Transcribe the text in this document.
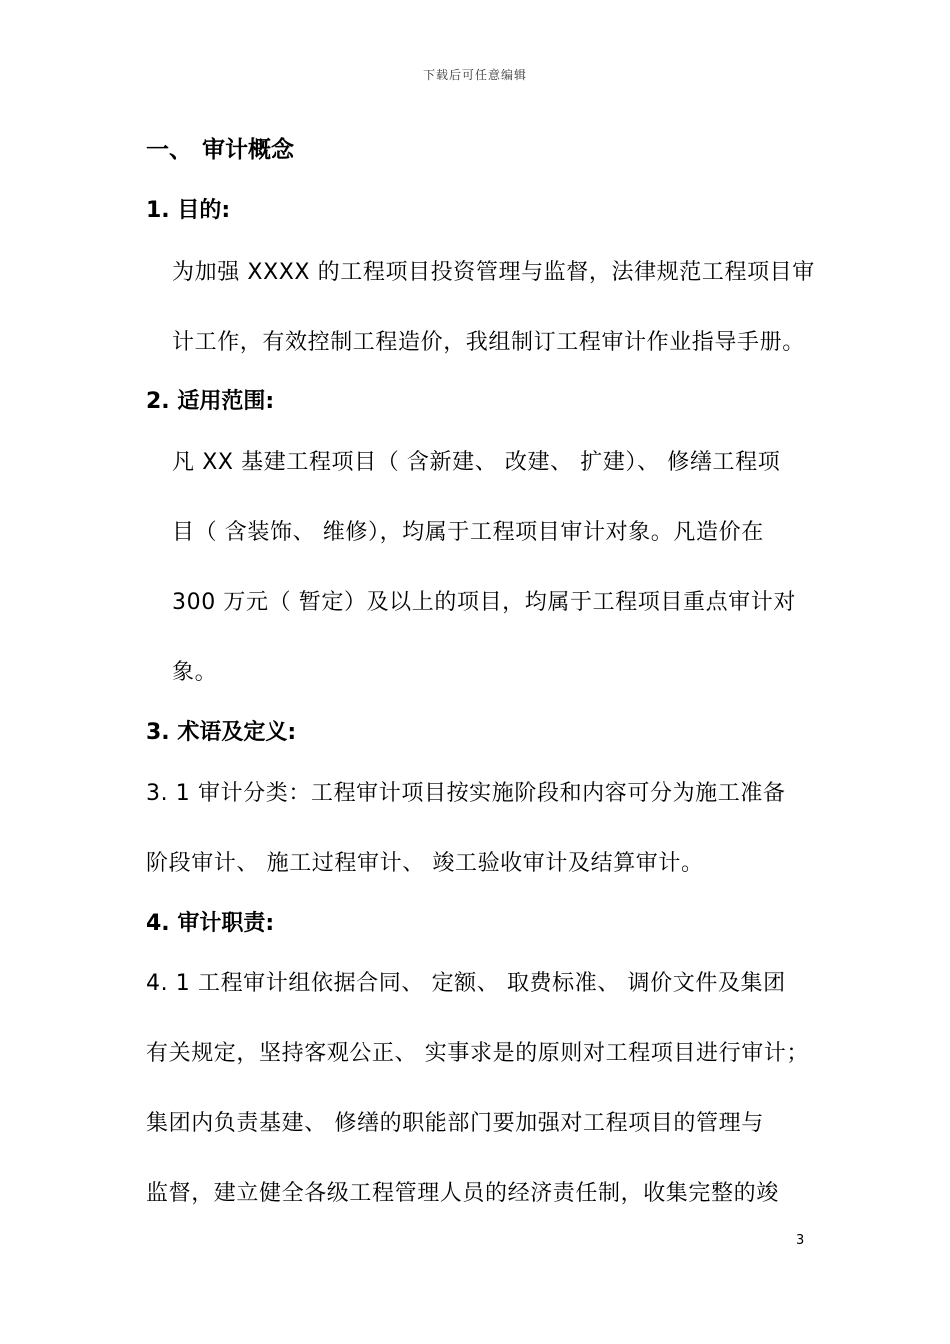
下载后可任意编辑
一、 审计概念
1. 目的:
为加强 XXXX 的工程项目投资管理与监督，法律规范工程项目审
计工作，有效控制工程造价，我组制订工程审计作业指导手册。
2. 适用范围:
凡 XX 基建工程项目（ 含新建、 改建、 扩建）、 修缮工程项
目（ 含装饰、 维修），均属于工程项目审计对象。凡造价在
300 万元（ 暂定）及以上的项目，均属于工程项目重点审计对
象。
3. 术语及定义:
3. 1 审计分类：工程审计项目按实施阶段和内容可分为施工准备
阶段审计、 施工过程审计、 竣工验收审计及结算审计。
4. 审计职责:
4. 1 工程审计组依据合同、 定额、 取费标准、 调价文件及集团
有关规定，坚持客观公正、 实事求是的原则对工程项目进行审计；
集团内负责基建、 修缮的职能部门要加强对工程项目的管理与
监督，建立健全各级工程管理人员的经济责任制，收集完整的竣
3
